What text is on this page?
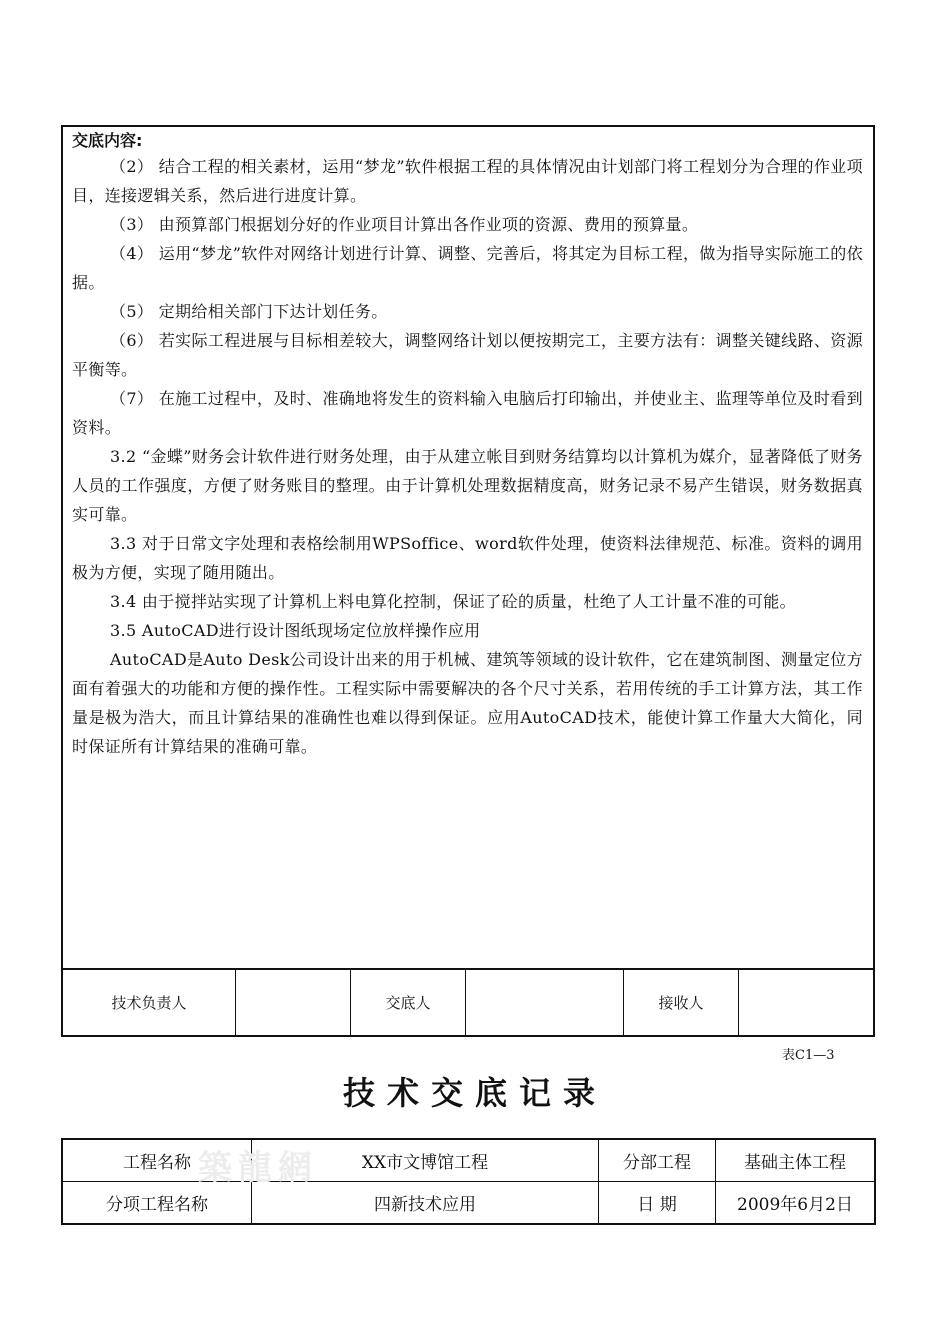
交底内容:

（2） 结合工程的相关素材，运用“梦龙”软件根据工程的具体情况由计划部门将工程划分为合理的作业项目，连接逻辑关系，然后进行进度计算。

（3） 由预算部门根据划分好的作业项目计算出各作业项的资源、费用的预算量。

（4） 运用“梦龙”软件对网络计划进行计算、调整、完善后，将其定为目标工程，做为指导实际施工的依据。

（5） 定期给相关部门下达计划任务。

（6） 若实际工程进展与目标相差较大，调整网络计划以便按期完工，主要方法有：调整关键线路、资源平衡等。

（7） 在施工过程中，及时、准确地将发生的资料输入电脑后打印输出，并使业主、监理等单位及时看到资料。

3.2 “金蝶”财务会计软件进行财务处理，由于从建立帐目到财务结算均以计算机为媒介，显著降低了财务人员的工作强度，方便了财务账目的整理。由于计算机处理数据精度高，财务记录不易产生错误，财务数据真实可靠。

3.3 对于日常文字处理和表格绘制用WPSoffice、word软件处理，使资料法律规范、标准。资料的调用极为方便，实现了随用随出。

3.4 由于搅拌站实现了计算机上料电算化控制，保证了砼的质量，杜绝了人工计量不准的可能。

3.5 AutoCAD进行设计图纸现场定位放样操作应用

AutoCAD是Auto Desk公司设计出来的用于机械、建筑等领域的设计软件，它在建筑制图、测量定位方面有着强大的功能和方便的操作性。工程实际中需要解决的各个尺寸关系，若用传统的手工计算方法，其工作量是极为浩大，而且计算结果的准确性也难以得到保证。应用AutoCAD技术，能使计算工作量大大简化，同时保证所有计算结果的准确可靠。

技术负责人	交底人	接收人
表C1—3
技术交底记录
工程名称	XX市文博馆工程	分部工程	基础主体工程
分项工程名称	四新技术应用	日 期	2009年6月2日
築龍網
